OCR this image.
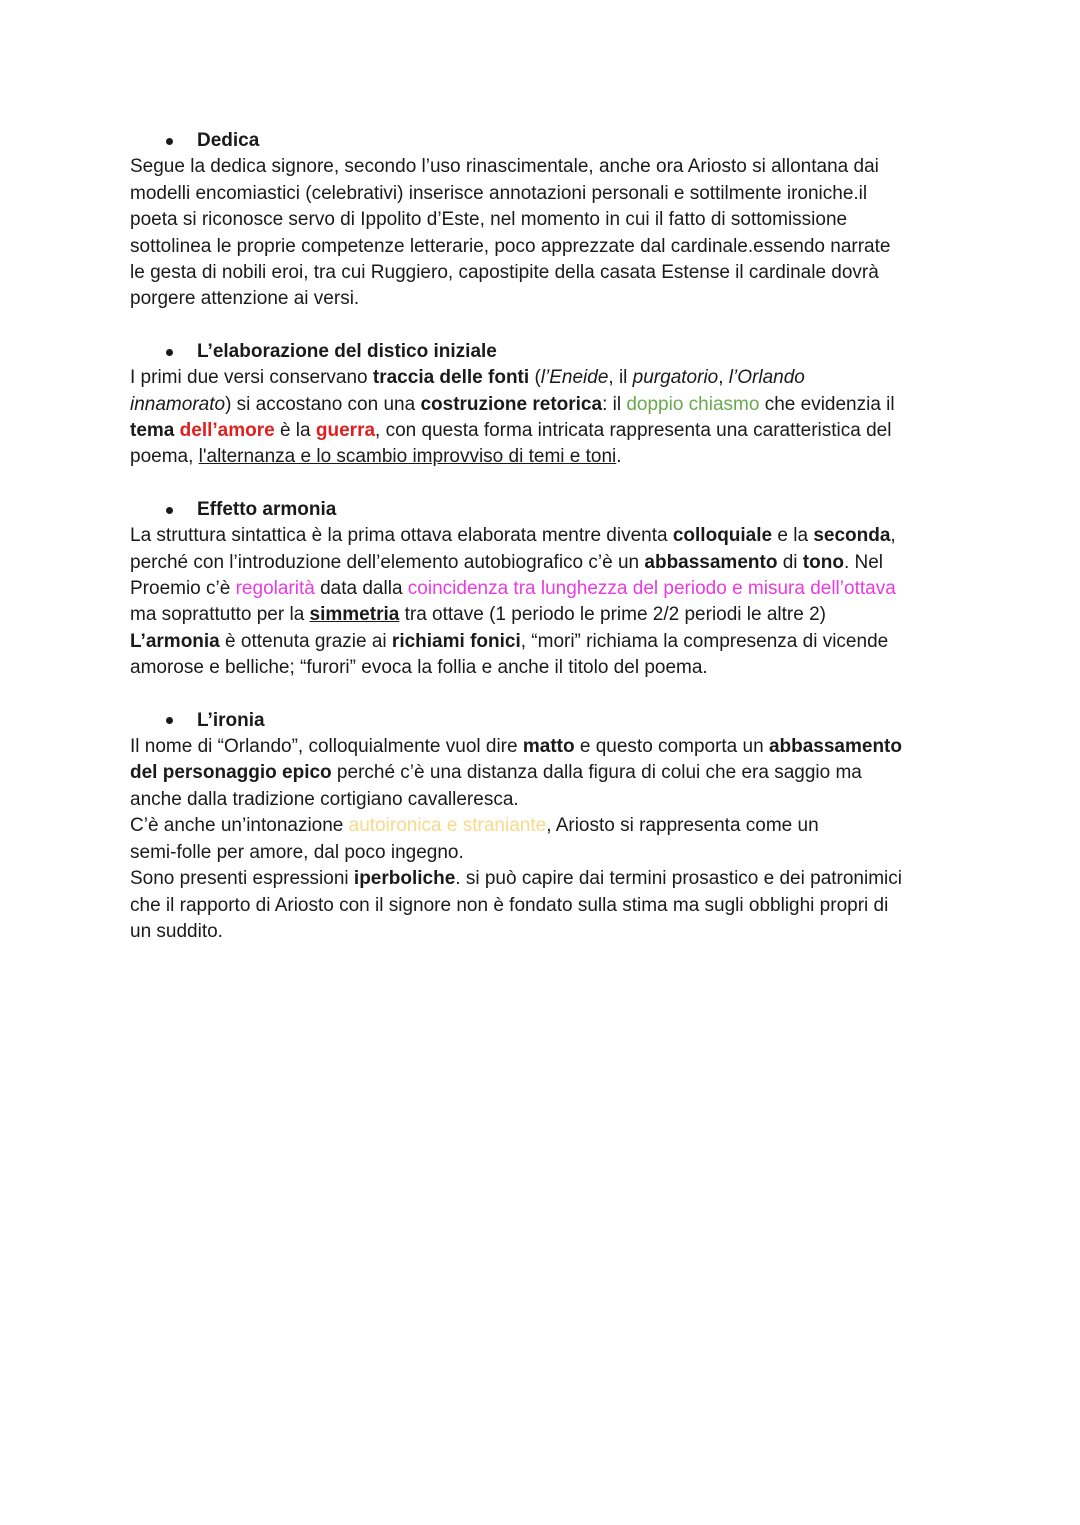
Dedica

Segue la dedica signore, secondo l’uso rinascimentale, anche ora Ariosto si allontana dai
modelli encomiastici (celebrativi) inserisce annotazioni personali e sottilmente ironiche.il
poeta si riconosce servo di Ippolito d’Este, nel momento in cui il fatto di sottomissione
sottolinea le proprie competenze letterarie, poco apprezzate dal cardinale.essendo narrate
le gesta di nobili eroi, tra cui Ruggiero, capostipite della casata Estense il cardinale dovrà
porgere attenzione ai versi.

L’elaborazione del distico iniziale

I primi due versi conservano traccia delle fonti (l’Eneide, il purgatorio, l’Orlando
innamorato) si accostano con una costruzione retorica: il doppio chiasmo che evidenzia il
tema dell’amore è la guerra, con questa forma intricata rappresenta una caratteristica del
poema, l'alternanza e lo scambio improvviso di temi e toni.

Effetto armonia

La struttura sintattica è la prima ottava elaborata mentre diventa colloquiale e la seconda,
perché con l’introduzione dell’elemento autobiografico c’è un abbassamento di tono. Nel
Proemio c’è regolarità data dalla coincidenza tra lunghezza del periodo e misura dell’ottava
ma soprattutto per la simmetria tra ottave (1 periodo le prime 2/2 periodi le altre 2)
L’armonia è ottenuta grazie ai richiami fonici, “mori” richiama la compresenza di vicende
amorose e belliche; “furori” evoca la follia e anche il titolo del poema.

L’ironia

Il nome di “Orlando”, colloquialmente vuol dire matto e questo comporta un abbassamento
del personaggio epico perché c’è una distanza dalla figura di colui che era saggio ma
anche dalla tradizione cortigiano cavalleresca.
C’è anche un’intonazione autoironica e straniante, Ariosto si rappresenta come un
semi-folle per amore, dal poco ingegno.
Sono presenti espressioni iperboliche. si può capire dai termini prosastico e dei patronimici
che il rapporto di Ariosto con il signore non è fondato sulla stima ma sugli obblighi propri di
un suddito.
